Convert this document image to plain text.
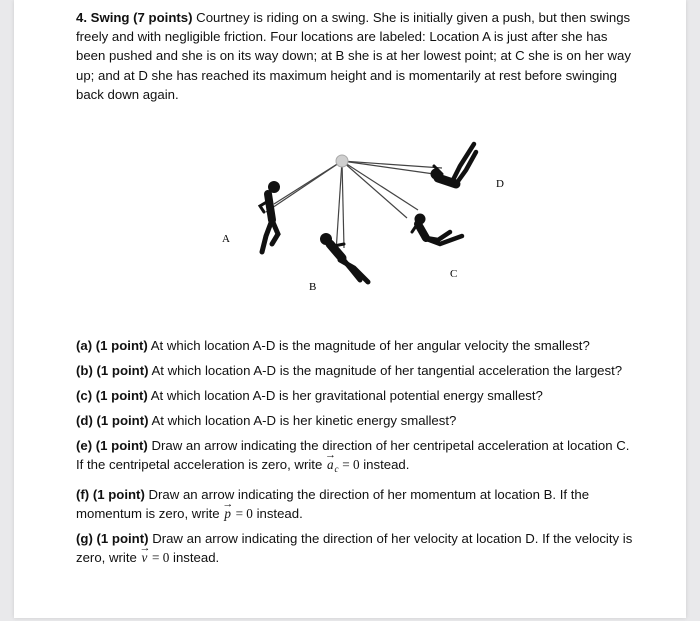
4. Swing (7 points) Courtney is riding on a swing. She is initially given a push, but then swings freely and with negligible friction. Four locations are labeled: Location A is just after she has been pushed and she is on its way down; at B she is at her lowest point; at C she is on her way up; and at D she has reached its maximum height and is momentarily at rest before swinging back down again.
A
B
C
D

(a) (1 point) At which location A-D is the magnitude of her angular velocity the smallest?

(b) (1 point) At which location A-D is the magnitude of her tangential acceleration the largest?

(c) (1 point) At which location A-D is her gravitational potential energy smallest?

(d) (1 point) At which location A-D is her kinetic energy smallest?

(e) (1 point) Draw an arrow indicating the direction of her centripetal acceleration at location C. If the centripetal acceleration is zero, write → $a_c = 0$ instead.

(f) (1 point) Draw an arrow indicating the direction of her momentum at location B. If the momentum is zero, write → p = 0 instead.

(g) (1 point) Draw an arrow indicating the direction of her velocity at location D. If the velocity is zero, write → v = 0 instead.
